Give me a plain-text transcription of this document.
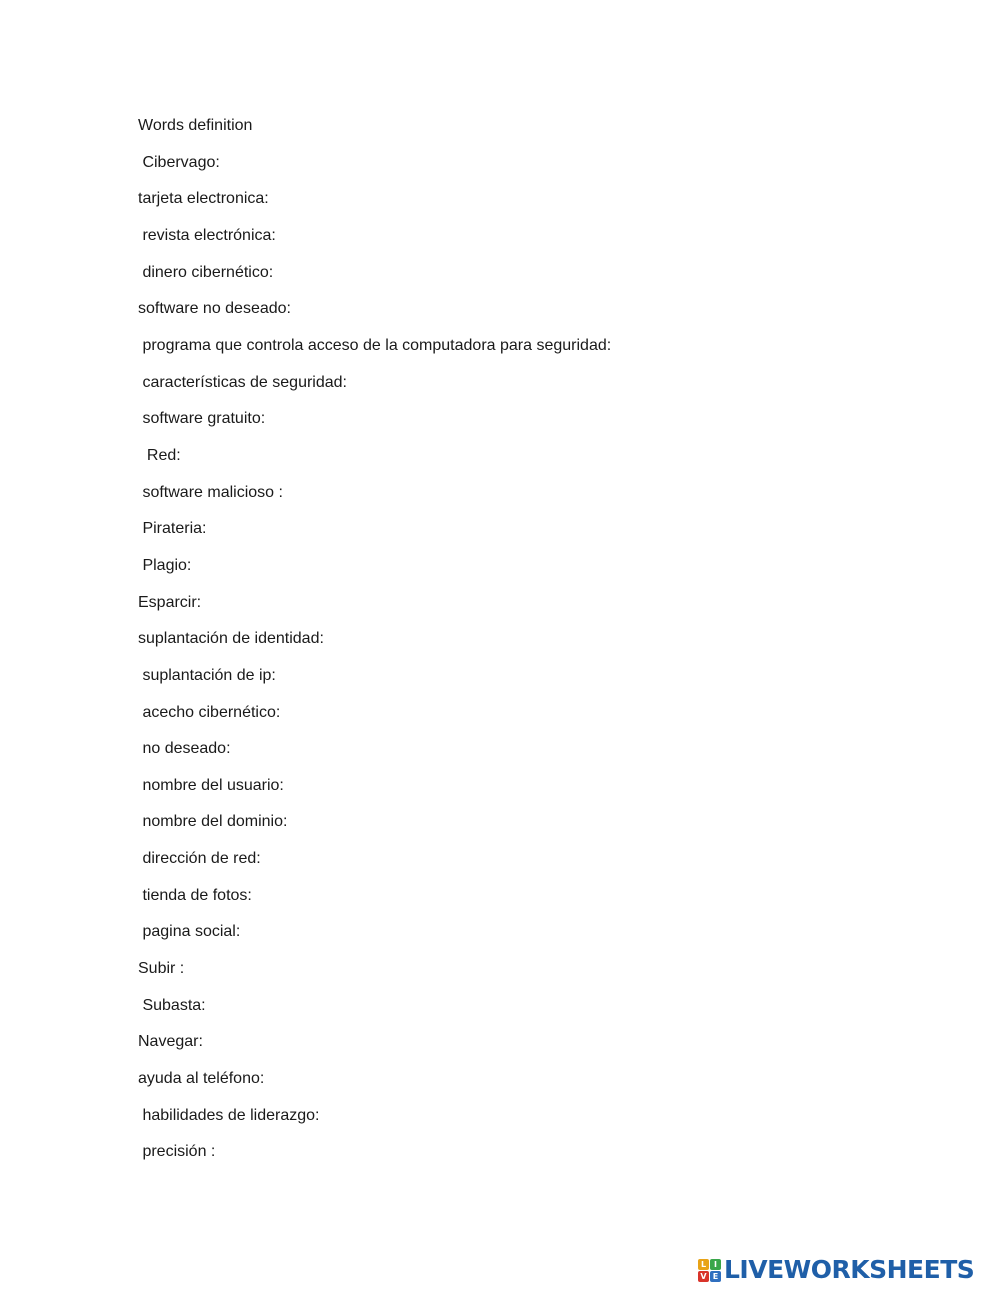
Words definition
Cibervago:
tarjeta electronica:
revista electrónica:
dinero cibernético:
software no deseado:
programa que controla acceso de la computadora para seguridad:
características de seguridad:
software gratuito:
Red:
software malicioso :
Pirateria:
Plagio:
Esparcir:
suplantación de identidad:
suplantación de ip:
acecho cibernético:
no deseado:
nombre del usuario:
nombre del dominio:
dirección de red:
tienda de fotos:
pagina social:
Subir :
Subasta:
Navegar:
ayuda al teléfono:
habilidades de liderazgo:
precisión :
L I
V E LIVEWORKSHEETS
